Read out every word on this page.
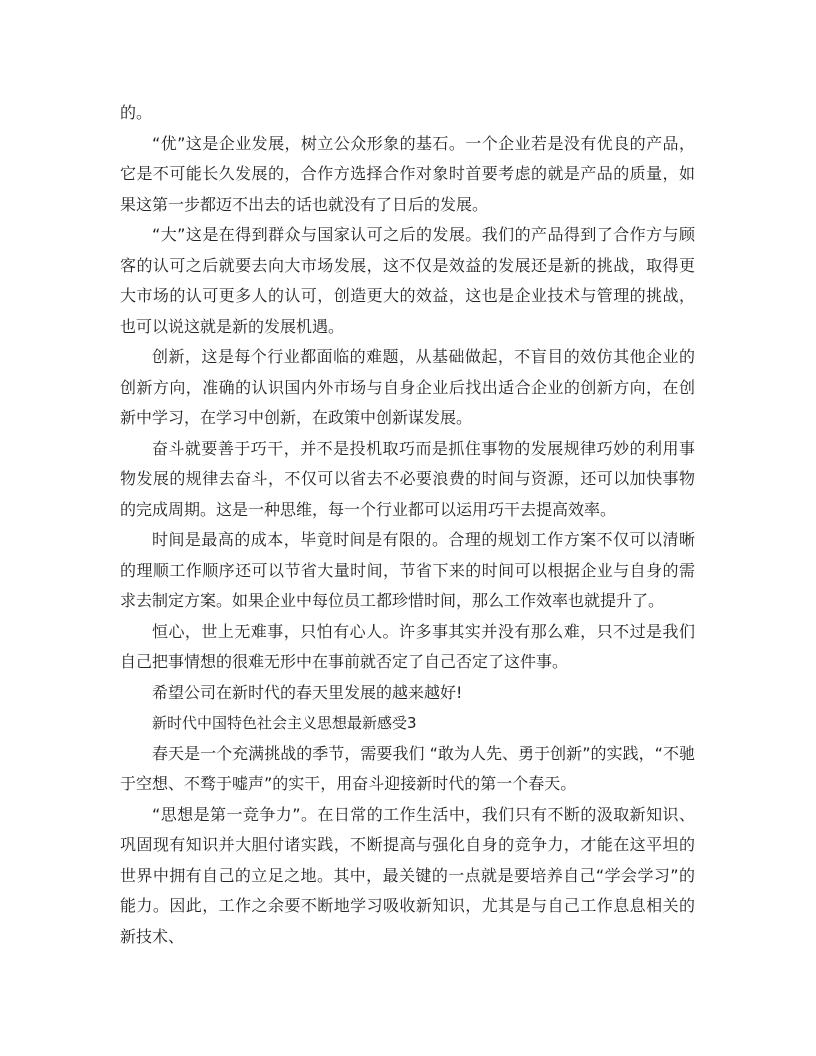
的。

“优”这是企业发展，树立公众形象的基石。一个企业若是没有优良的产品，它是不可能长久发展的，合作方选择合作对象时首要考虑的就是产品的质量，如果这第一步都迈不出去的话也就没有了日后的发展。

“大”这是在得到群众与国家认可之后的发展。我们的产品得到了合作方与顾客的认可之后就要去向大市场发展，这不仅是效益的发展还是新的挑战，取得更大市场的认可更多人的认可，创造更大的效益，这也是企业技术与管理的挑战，也可以说这就是新的发展机遇。

创新，这是每个行业都面临的难题，从基础做起，不盲目的效仿其他企业的创新方向，准确的认识国内外市场与自身企业后找出适合企业的创新方向，在创新中学习，在学习中创新，在政策中创新谋发展。

奋斗就要善于巧干，并不是投机取巧而是抓住事物的发展规律巧妙的利用事物发展的规律去奋斗，不仅可以省去不必要浪费的时间与资源，还可以加快事物的完成周期。这是一种思维，每一个行业都可以运用巧干去提高效率。

时间是最高的成本，毕竟时间是有限的。合理的规划工作方案不仅可以清晰的理顺工作顺序还可以节省大量时间，节省下来的时间可以根据企业与自身的需求去制定方案。如果企业中每位员工都珍惜时间，那么工作效率也就提升了。

恒心，世上无难事，只怕有心人。许多事其实并没有那么难，只不过是我们自己把事情想的很难无形中在事前就否定了自己否定了这件事。

希望公司在新时代的春天里发展的越来越好!

新时代中国特色社会主义思想最新感受3

春天是一个充满挑战的季节，需要我们 “敢为人先、勇于创新”的实践，“不驰于空想、不骛于嘘声”的实干，用奋斗迎接新时代的第一个春天。

“思想是第一竞争力”。在日常的工作生活中，我们只有不断的汲取新知识、巩固现有知识并大胆付诸实践，不断提高与强化自身的竞争力，才能在这平坦的世界中拥有自己的立足之地。其中，最关键的一点就是要培养自己“学会学习”的能力。因此，工作之余要不断地学习吸收新知识，尤其是与自己工作息息相关的新技术、
